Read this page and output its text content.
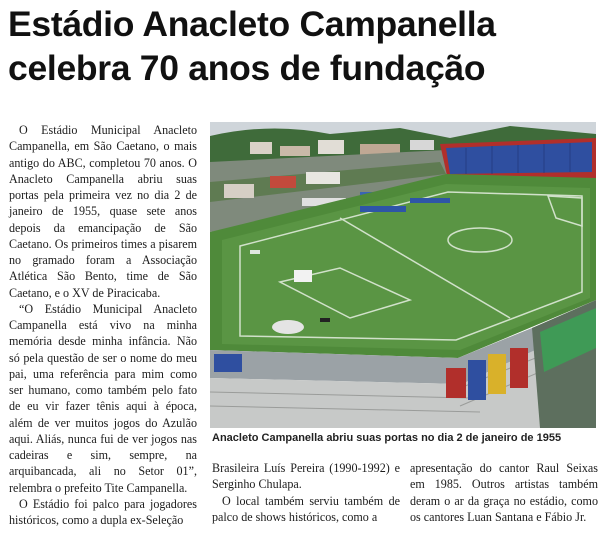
Estádio Anacleto Campanella
celebra 70 anos de fundação

O Estádio Municipal Anacleto Campanella, em São Caetano, o mais antigo do ABC, completou 70 anos. O Anacleto Campanella abriu suas portas pela primeira vez no dia 2 de janeiro de 1955, quase sete anos depois da emancipação de São Caetano. Os primeiros times a pisarem no gramado foram a Associação Atlética São Bento, time de São Caetano, e o XV de Piracicaba.

“O Estádio Municipal Anacleto Campanella está vivo na minha memória desde minha infância. Não só pela questão de ser o nome do meu pai, uma referência para mim como ser humano, como também pelo fato de eu vir fazer tênis aqui à época, além de ver muitos jogos do Azulão aqui. Aliás, nunca fui de ver jogos nas cadeiras e sim, sempre, na arquibancada, ali no Setor 01”, relembra o prefeito Tite Campanella.

O Estádio foi palco para jogadores históricos, como a dupla ex-Seleção

Anacleto Campanella abriu suas portas no dia 2 de janeiro de 1955

Brasileira Luís Pereira (1990-1992) e Serginho Chulapa.

O local também serviu também de palco de shows históricos, como a

apresentação do cantor Raul Seixas em 1985. Outros artistas também deram o ar da graça no estádio, como os cantores Luan Santana e Fábio Jr.
